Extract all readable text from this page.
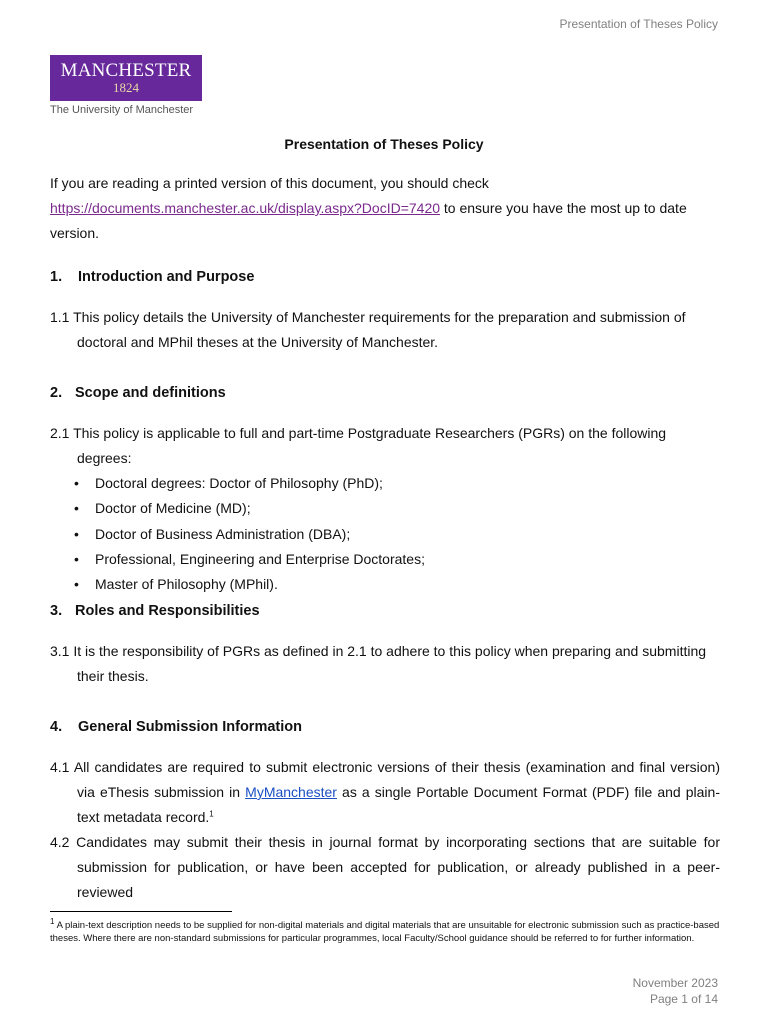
Presentation of Theses Policy
MANCHESTER
1824
The University of Manchester
Presentation of Theses Policy
If you are reading a printed version of this document, you should check
https://documents.manchester.ac.uk/display.aspx?DocID=7420 to ensure you have the most up to date version.
1. Introduction and Purpose

1.1 This policy details the University of Manchester requirements for the preparation and submission of doctoral and MPhil theses at the University of Manchester.

2. Scope and definitions

2.1 This policy is applicable to full and part-time Postgraduate Researchers (PGRs) on the following degrees:

• Doctoral degrees: Doctor of Philosophy (PhD);
• Doctor of Medicine (MD);
• Doctor of Business Administration (DBA);
• Professional, Engineering and Enterprise Doctorates;
• Master of Philosophy (MPhil).
3. Roles and Responsibilities

3.1 It is the responsibility of PGRs as defined in 2.1 to adhere to this policy when preparing and submitting their thesis.

4. General Submission Information

4.1 All candidates are required to submit electronic versions of their thesis (examination and final version) via eThesis submission in MyManchester as a single Portable Document Format (PDF) file and plain-text metadata record.$^1$

4.2 Candidates may submit their thesis in journal format by incorporating sections that are suitable for submission for publication, or have been accepted for publication, or already published in a peer-reviewed

$^1$ A plain-text description needs to be supplied for non-digital materials and digital materials that are unsuitable for electronic submission such as practice-based theses. Where there are non-standard submissions for particular programmes, local Faculty/School guidance should be referred to for further information.
November 2023
Page 1 of 14
